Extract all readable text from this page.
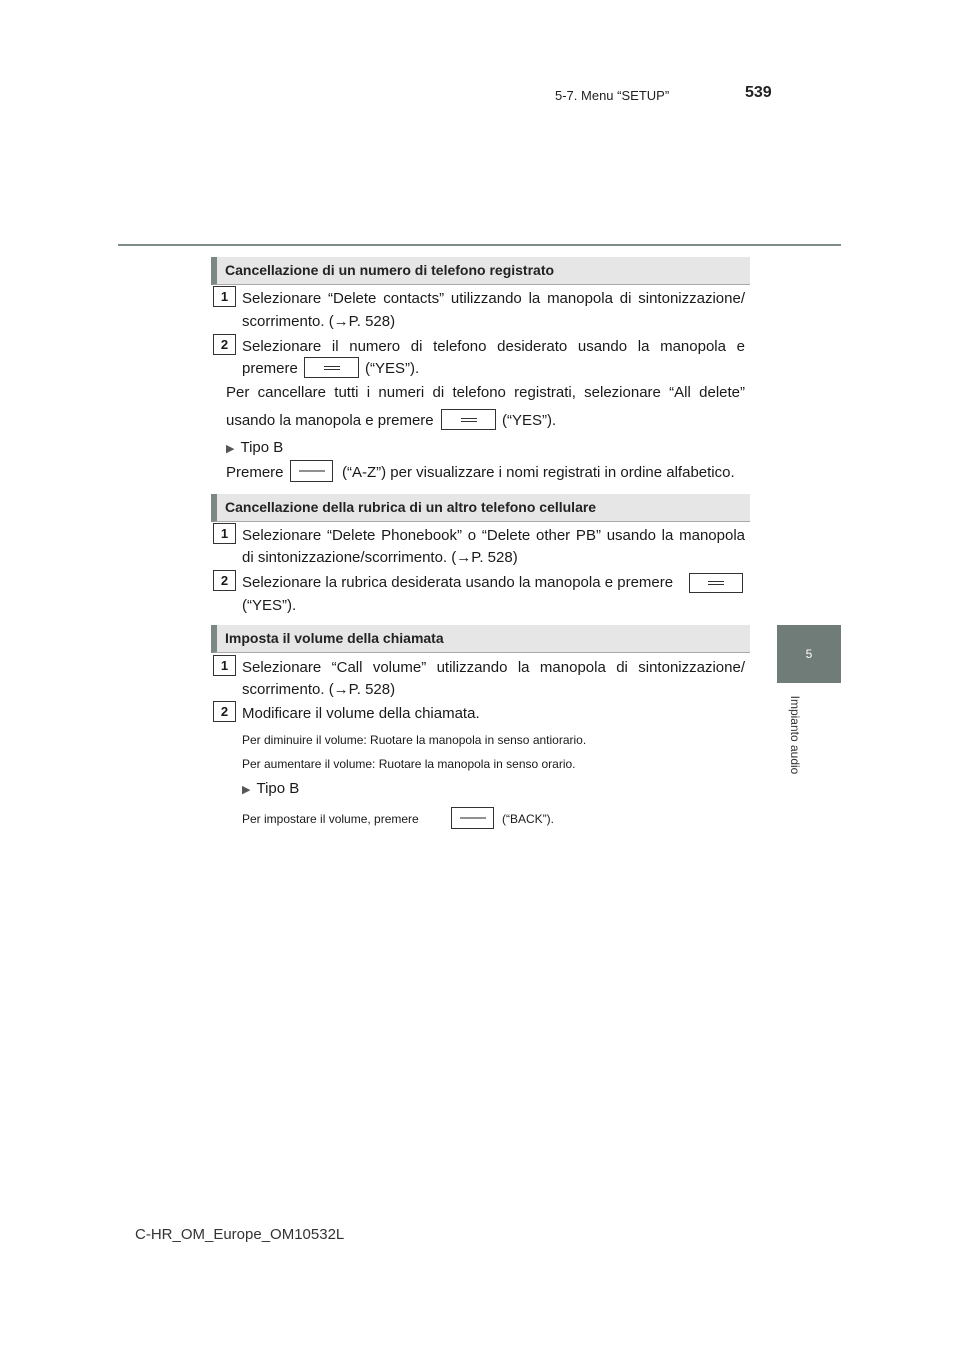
5-7. Menu “SETUP”	539
5
Impianto audio
Cancellazione di un numero di telefono registrato
1 Selezionare “Delete contacts” utilizzando la manopola di sintonizzazione/
scorrimento. (→P. 528)
2 Selezionare il numero di telefono desiderato usando la manopola e
premere	(“YES”).
Per cancellare tutti i numeri di telefono registrati, selezionare “All delete”
usando la manopola e premere	(“YES”).
▶ Tipo B
Premere	(“A-Z”) per visualizzare i nomi registrati in ordine alfabetico.
Cancellazione della rubrica di un altro telefono cellulare
1 Selezionare “Delete Phonebook” o “Delete other PB” usando la manopola
di sintonizzazione/scorrimento. (→P. 528)
2 Selezionare la rubrica desiderata usando la manopola e premere
(“YES”).
Imposta il volume della chiamata
1 Selezionare “Call volume” utilizzando la manopola di sintonizzazione/
scorrimento. (→P. 528)
2 Modificare il volume della chiamata.
Per diminuire il volume: Ruotare la manopola in senso antiorario.
Per aumentare il volume: Ruotare la manopola in senso orario.
▶ Tipo B
Per impostare il volume, premere	(“BACK”).
C-HR_OM_Europe_OM10532L
